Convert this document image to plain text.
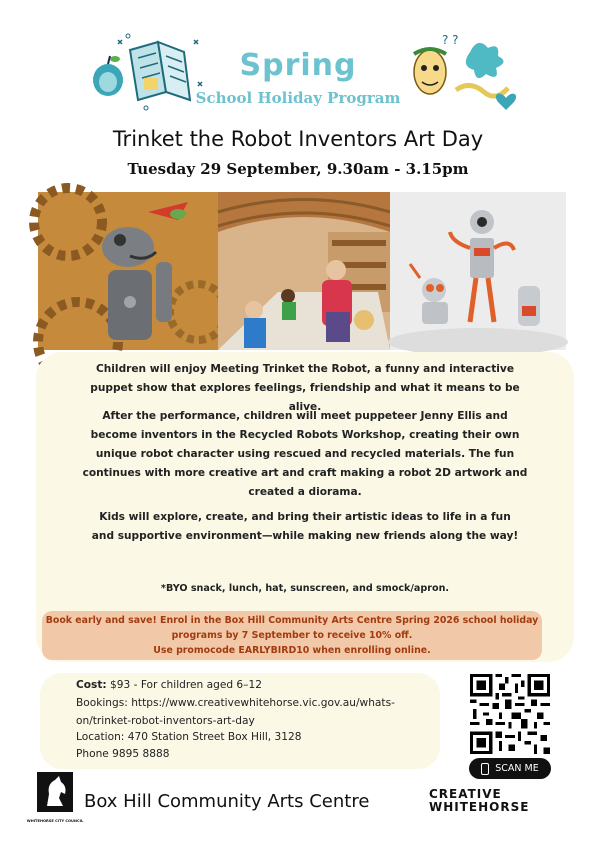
Spring
School Holiday Program
? ?
Trinket the Robot Inventors Art Day
Tuesday 29 September, 9.30am - 3.15pm
Children will enjoy Meeting Trinket the Robot, a funny and interactive puppet show that explores feelings, friendship and what it means to be alive.
After the performance, children will meet puppeteer Jenny Ellis and become inventors in the Recycled Robots Workshop, creating their own unique robot character using rescued and recycled materials. The fun continues with more creative art and craft making a robot 2D artwork and created a diorama.
Kids will explore, create, and bring their artistic ideas to life in a fun and supportive environment—while making new friends along the way!
*BYO snack, lunch, hat, sunscreen, and smock/apron.
Book early and save! Enrol in the Box Hill Community Arts Centre Spring 2026 school holiday
programs by 7 September to receive 10% off.
Use promocode EARLYBIRD10 when enrolling online.
Cost: $93 - For children aged 6–12
Bookings: https://www.creativewhitehorse.vic.gov.au/whats-
on/trinket-robot-inventors-art-day
Location: 470 Station Street Box Hill, 3128
Phone 9895 8888
SCAN ME
WHITEHORSE CITY COUNCIL
Box Hill Community Arts Centre	CREATIVE
WHITEHORSE
